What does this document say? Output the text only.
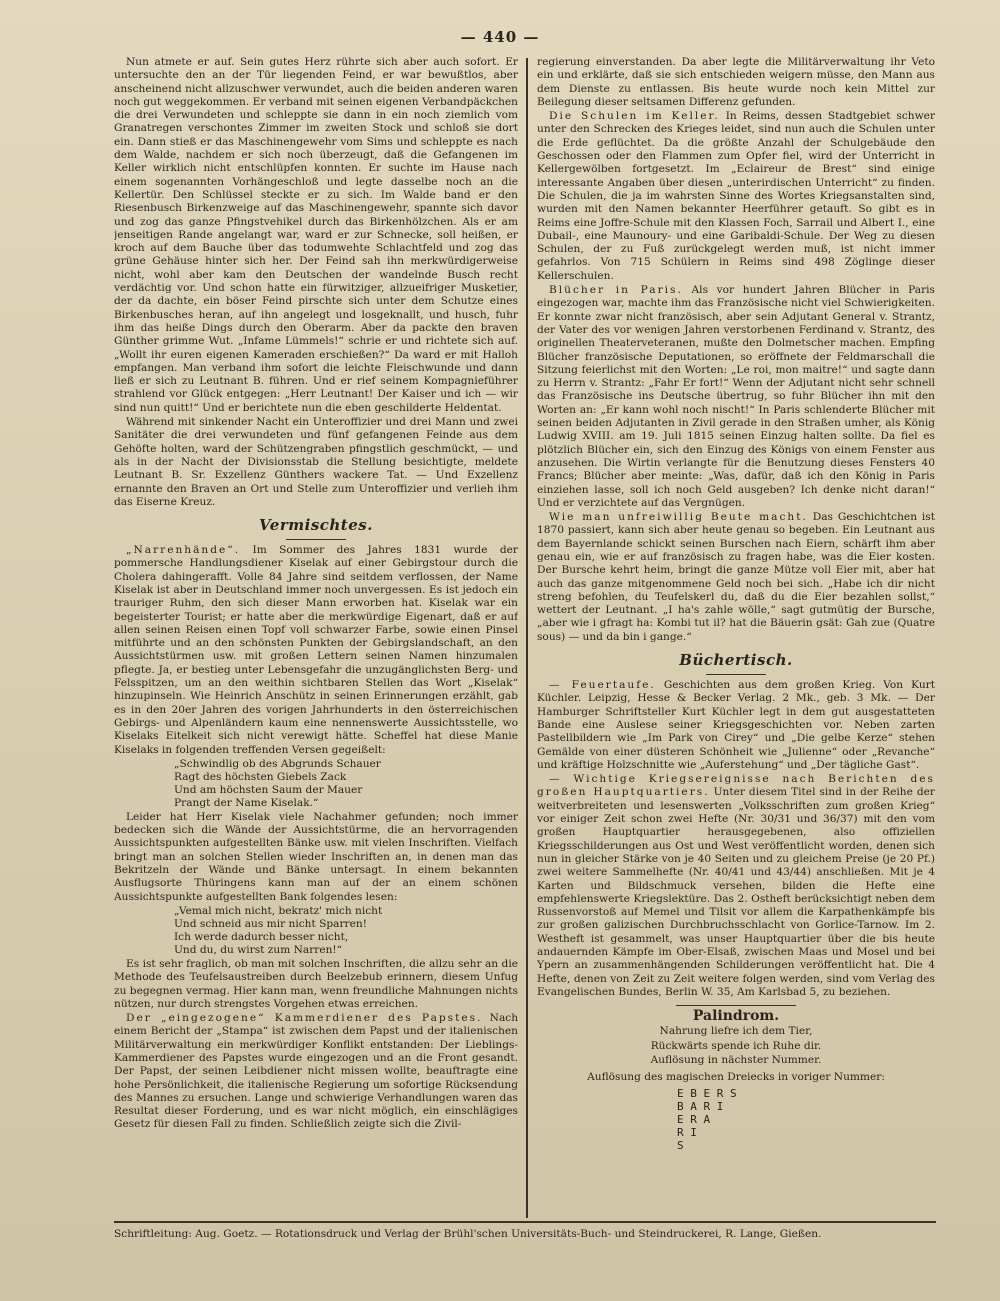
— 440 —

Nun atmete er auf. Sein gutes Herz rührte sich aber auch sofort. Er untersuchte den an der Tür liegenden Feind, er war bewußtlos, aber anscheinend nicht allzuschwer verwundet, auch die beiden anderen waren noch gut weggekommen. Er verband mit seinen eigenen Verbandpäckchen die drei Verwundeten und schleppte sie dann in ein noch ziemlich vom Granatregen verschontes Zimmer im zweiten Stock und schloß sie dort ein. Dann stieß er das Maschinengewehr vom Sims und schleppte es nach dem Walde, nachdem er sich noch überzeugt, daß die Gefangenen im Keller wirklich nicht entschlüpfen konnten. Er suchte im Hause nach einem sogenannten Vorhängeschloß und legte dasselbe noch an die Kellertür. Den Schlüssel steckte er zu sich. Im Walde band er den Riesenbusch Birkenzweige auf das Maschinengewehr, spannte sich davor und zog das ganze Pfingstvehikel durch das Birkenhölzchen. Als er am jenseitigen Rande angelangt war, ward er zur Schnecke, soll heißen, er kroch auf dem Bauche über das todumwehte Schlachtfeld und zog das grüne Gehäuse hinter sich her. Der Feind sah ihn merkwürdigerweise nicht, wohl aber kam den Deutschen der wandelnde Busch recht verdächtig vor. Und schon hatte ein fürwitziger, allzueifriger Musketier, der da dachte, ein böser Feind pirschte sich unter dem Schutze eines Birkenbusches heran, auf ihn angelegt und losgeknallt, und husch, fuhr ihm das heiße Dings durch den Oberarm. Aber da packte den braven Günther grimme Wut. „Infame Lümmels!“ schrie er und richtete sich auf. „Wollt ihr euren eigenen Kameraden erschießen?“ Da ward er mit Halloh empfangen. Man verband ihm sofort die leichte Fleischwunde und dann ließ er sich zu Leutnant B. führen. Und er rief seinem Kompagnieführer strahlend vor Glück entgegen: „Herr Leutnant! Der Kaiser und ich — wir sind nun quitt!“ Und er berichtete nun die eben geschilderte Heldentat.

Während mit sinkender Nacht ein Unteroffizier und drei Mann und zwei Sanitäter die drei verwundeten und fünf gefangenen Feinde aus dem Gehöfte holten, ward der Schützengraben pfingstlich geschmückt, — und als in der Nacht der Divisionsstab die Stellung besichtigte, meldete Leutnant B. Sr. Exzellenz Günthers wackere Tat. — Und Exzellenz ernannte den Braven an Ort und Stelle zum Unteroffizier und verlieh ihm das Eiserne Kreuz.

Vermischtes.

„Narrenhände“. Im Sommer des Jahres 1831 wurde der pommersche Handlungsdiener Kiselak auf einer Gebirgstour durch die Cholera dahingerafft. Volle 84 Jahre sind seitdem verflossen, der Name Kiselak ist aber in Deutschland immer noch unvergessen. Es ist jedoch ein trauriger Ruhm, den sich dieser Mann erworben hat. Kiselak war ein begeisterter Tourist; er hatte aber die merkwürdige Eigenart, daß er auf allen seinen Reisen einen Topf voll schwarzer Farbe, sowie einen Pinsel mitführte und an den schönsten Punkten der Gebirgslandschaft, an den Aussichtstürmen usw. mit großen Lettern seinen Namen hinzumalen pflegte. Ja, er bestieg unter Lebensgefahr die unzugänglichsten Berg- und Felsspitzen, um an den weithin sichtbaren Stellen das Wort „Kiselak“ hinzupinseln. Wie Heinrich Anschütz in seinen Erinnerungen erzählt, gab es in den 20er Jahren des vorigen Jahrhunderts in den österreichischen Gebirgs- und Alpenländern kaum eine nennenswerte Aussichtsstelle, wo Kiselaks Eitelkeit sich nicht verewigt hätte. Scheffel hat diese Manie Kiselaks in folgenden treffenden Versen gegeißelt:

„Schwindlig ob des Abgrunds Schauer
Ragt des höchsten Giebels Zack
Und am höchsten Saum der Mauer
Prangt der Name Kiselak.“

Leider hat Herr Kiselak viele Nachahmer gefunden; noch immer bedecken sich die Wände der Aussichtstürme, die an hervorragenden Aussichtspunkten aufgestellten Bänke usw. mit vielen Inschriften. Vielfach bringt man an solchen Stellen wieder Inschriften an, in denen man das Bekritzeln der Wände und Bänke untersagt. In einem bekannten Ausflugsorte Thüringens kann man auf der an einem schönen Aussichtspunkte aufgestellten Bank folgendes lesen:

„Vemal mich nicht, bekratz' mich nicht
Und schneid aus mir nicht Sparren!
Ich werde dadurch besser nicht,
Und du, du wirst zum Narren!“

Es ist sehr fraglich, ob man mit solchen Inschriften, die allzu sehr an die Methode des Teufelsaustreiben durch Beelzebub erinnern, diesem Unfug zu begegnen vermag. Hier kann man, wenn freundliche Mahnungen nichts nützen, nur durch strengstes Vorgehen etwas erreichen.

Der „eingezogene“ Kammerdiener des Papstes. Nach einem Bericht der „Stampa“ ist zwischen dem Papst und der italienischen Militärverwaltung ein merkwürdiger Konflikt entstanden: Der Lieblings-Kammerdiener des Papstes wurde eingezogen und an die Front gesandt. Der Papst, der seinen Leibdiener nicht missen wollte, beauftragte eine hohe Persönlichkeit, die italienische Regierung um sofortige Rücksendung des Mannes zu ersuchen. Lange und schwierige Verhandlungen waren das Resultat dieser Forderung, und es war nicht möglich, ein einschlägiges Gesetz für diesen Fall zu finden. Schließlich zeigte sich die Zivil-

regierung einverstanden. Da aber legte die Militärverwaltung ihr Veto ein und erklärte, daß sie sich entschieden weigern müsse, den Mann aus dem Dienste zu entlassen. Bis heute wurde noch kein Mittel zur Beilegung dieser seltsamen Differenz gefunden.

Die Schulen im Keller. In Reims, dessen Stadtgebiet schwer unter den Schrecken des Krieges leidet, sind nun auch die Schulen unter die Erde geflüchtet. Da die größte Anzahl der Schulgebäude den Geschossen oder den Flammen zum Opfer fiel, wird der Unterricht in Kellergewölben fortgesetzt. Im „Eclaireur de Brest“ sind einige interessante Angaben über diesen „unterirdischen Unterricht“ zu finden. Die Schulen, die ja im wahrsten Sinne des Wortes Kriegsanstalten sind, wurden mit den Namen bekannter Heerführer getauft. So gibt es in Reims eine Joffre-Schule mit den Klassen Foch, Sarrail und Albert I., eine Dubail-, eine Maunoury- und eine Garibaldi-Schule. Der Weg zu diesen Schulen, der zu Fuß zurückgelegt werden muß, ist nicht immer gefahrlos. Von 715 Schülern in Reims sind 498 Zöglinge dieser Kellerschulen.

Blücher in Paris. Als vor hundert Jahren Blücher in Paris eingezogen war, machte ihm das Französische nicht viel Schwierigkeiten. Er konnte zwar nicht französisch, aber sein Adjutant General v. Strantz, der Vater des vor wenigen Jahren verstorbenen Ferdinand v. Strantz, des originellen Theaterveteranen, mußte den Dolmetscher machen. Empfing Blücher französische Deputationen, so eröffnete der Feldmarschall die Sitzung feierlichst mit den Worten: „Le roi, mon maitre!“ und sagte dann zu Herrn v. Strantz: „Fahr Er fort!“ Wenn der Adjutant nicht sehr schnell das Französische ins Deutsche übertrug, so fuhr Blücher ihn mit den Worten an: „Er kann wohl noch nischt!“ In Paris schlenderte Blücher mit seinen beiden Adjutanten in Zivil gerade in den Straßen umher, als König Ludwig XVIII. am 19. Juli 1815 seinen Einzug halten sollte. Da fiel es plötzlich Blücher ein, sich den Einzug des Königs von einem Fenster aus anzusehen. Die Wirtin verlangte für die Benutzung dieses Fensters 40 Francs; Blücher aber meinte: „Was, dafür, daß ich den König in Paris einziehen lasse, soll ich noch Geld ausgeben? Ich denke nicht daran!“ Und er verzichtete auf das Vergnügen.

Wie man unfreiwillig Beute macht. Das Geschichtchen ist 1870 passiert, kann sich aber heute genau so begeben. Ein Leutnant aus dem Bayernlande schickt seinen Burschen nach Eiern, schärft ihm aber genau ein, wie er auf französisch zu fragen habe, was die Eier kosten. Der Bursche kehrt heim, bringt die ganze Mütze voll Eier mit, aber hat auch das ganze mitgenommene Geld noch bei sich. „Habe ich dir nicht streng befohlen, du Teufelskerl du, daß du die Eier bezahlen sollst,“ wettert der Leutnant. „I ha's zahle wölle,“ sagt gutmütig der Bursche, „aber wie i gfragt ha: Kombi tut il? hat die Bäuerin gsät: Gah zue (Quatre sous) — und da bin i gange.“

Büchertisch.

— Feuertaufe. Geschichten aus dem großen Krieg. Von Kurt Küchler. Leipzig, Hesse & Becker Verlag. 2 Mk., geb. 3 Mk. — Der Hamburger Schriftsteller Kurt Küchler legt in dem gut ausgestatteten Bande eine Auslese seiner Kriegsgeschichten vor. Neben zarten Pastellbildern wie „Im Park von Cirey“ und „Die gelbe Kerze“ stehen Gemälde von einer düsteren Schönheit wie „Julienne“ oder „Revanche“ und kräftige Holzschnitte wie „Auferstehung“ und „Der tägliche Gast“.

— Wichtige Kriegsereignisse nach Berichten des großen Hauptquartiers. Unter diesem Titel sind in der Reihe der weitverbreiteten und lesenswerten „Volksschriften zum großen Krieg“ vor einiger Zeit schon zwei Hefte (Nr. 30/31 und 36/37) mit den vom großen Hauptquartier herausgegebenen, also offiziellen Kriegsschilderungen aus Ost und West veröffentlicht worden, denen sich nun in gleicher Stärke von je 40 Seiten und zu gleichem Preise (je 20 Pf.) zwei weitere Sammelhefte (Nr. 40/41 und 43/44) anschließen. Mit je 4 Karten und Bildschmuck versehen, bilden die Hefte eine empfehlenswerte Kriegslektüre. Das 2. Ostheft berücksichtigt neben dem Russenvorstoß auf Memel und Tilsit vor allem die Karpathenkämpfe bis zur großen galizischen Durchbruchsschlacht von Gorlice-Tarnow. Im 2. Westheft ist gesammelt, was unser Hauptquartier über die bis heute andauernden Kämpfe im Ober-Elsaß, zwischen Maas und Mosel und bei Ypern an zusammenhängenden Schilderungen veröffentlicht hat. Die 4 Hefte, denen von Zeit zu Zeit weitere folgen werden, sind vom Verlag des Evangelischen Bundes, Berlin W. 35, Am Karlsbad 5, zu beziehen.

Palindrom.

Nahrung liefre ich dem Tier,

Rückwärts spende ich Ruhe dir.

Auflösung in nächster Nummer.

Auflösung des magischen Dreiecks in voriger Nummer:

E B E R S
B A R I
E R A
R I
S
Schriftleitung: Aug. Goetz. — Rotationsdruck und Verlag der Brühl'schen Universitäts-Buch- und Steindruckerei, R. Lange, Gießen.
